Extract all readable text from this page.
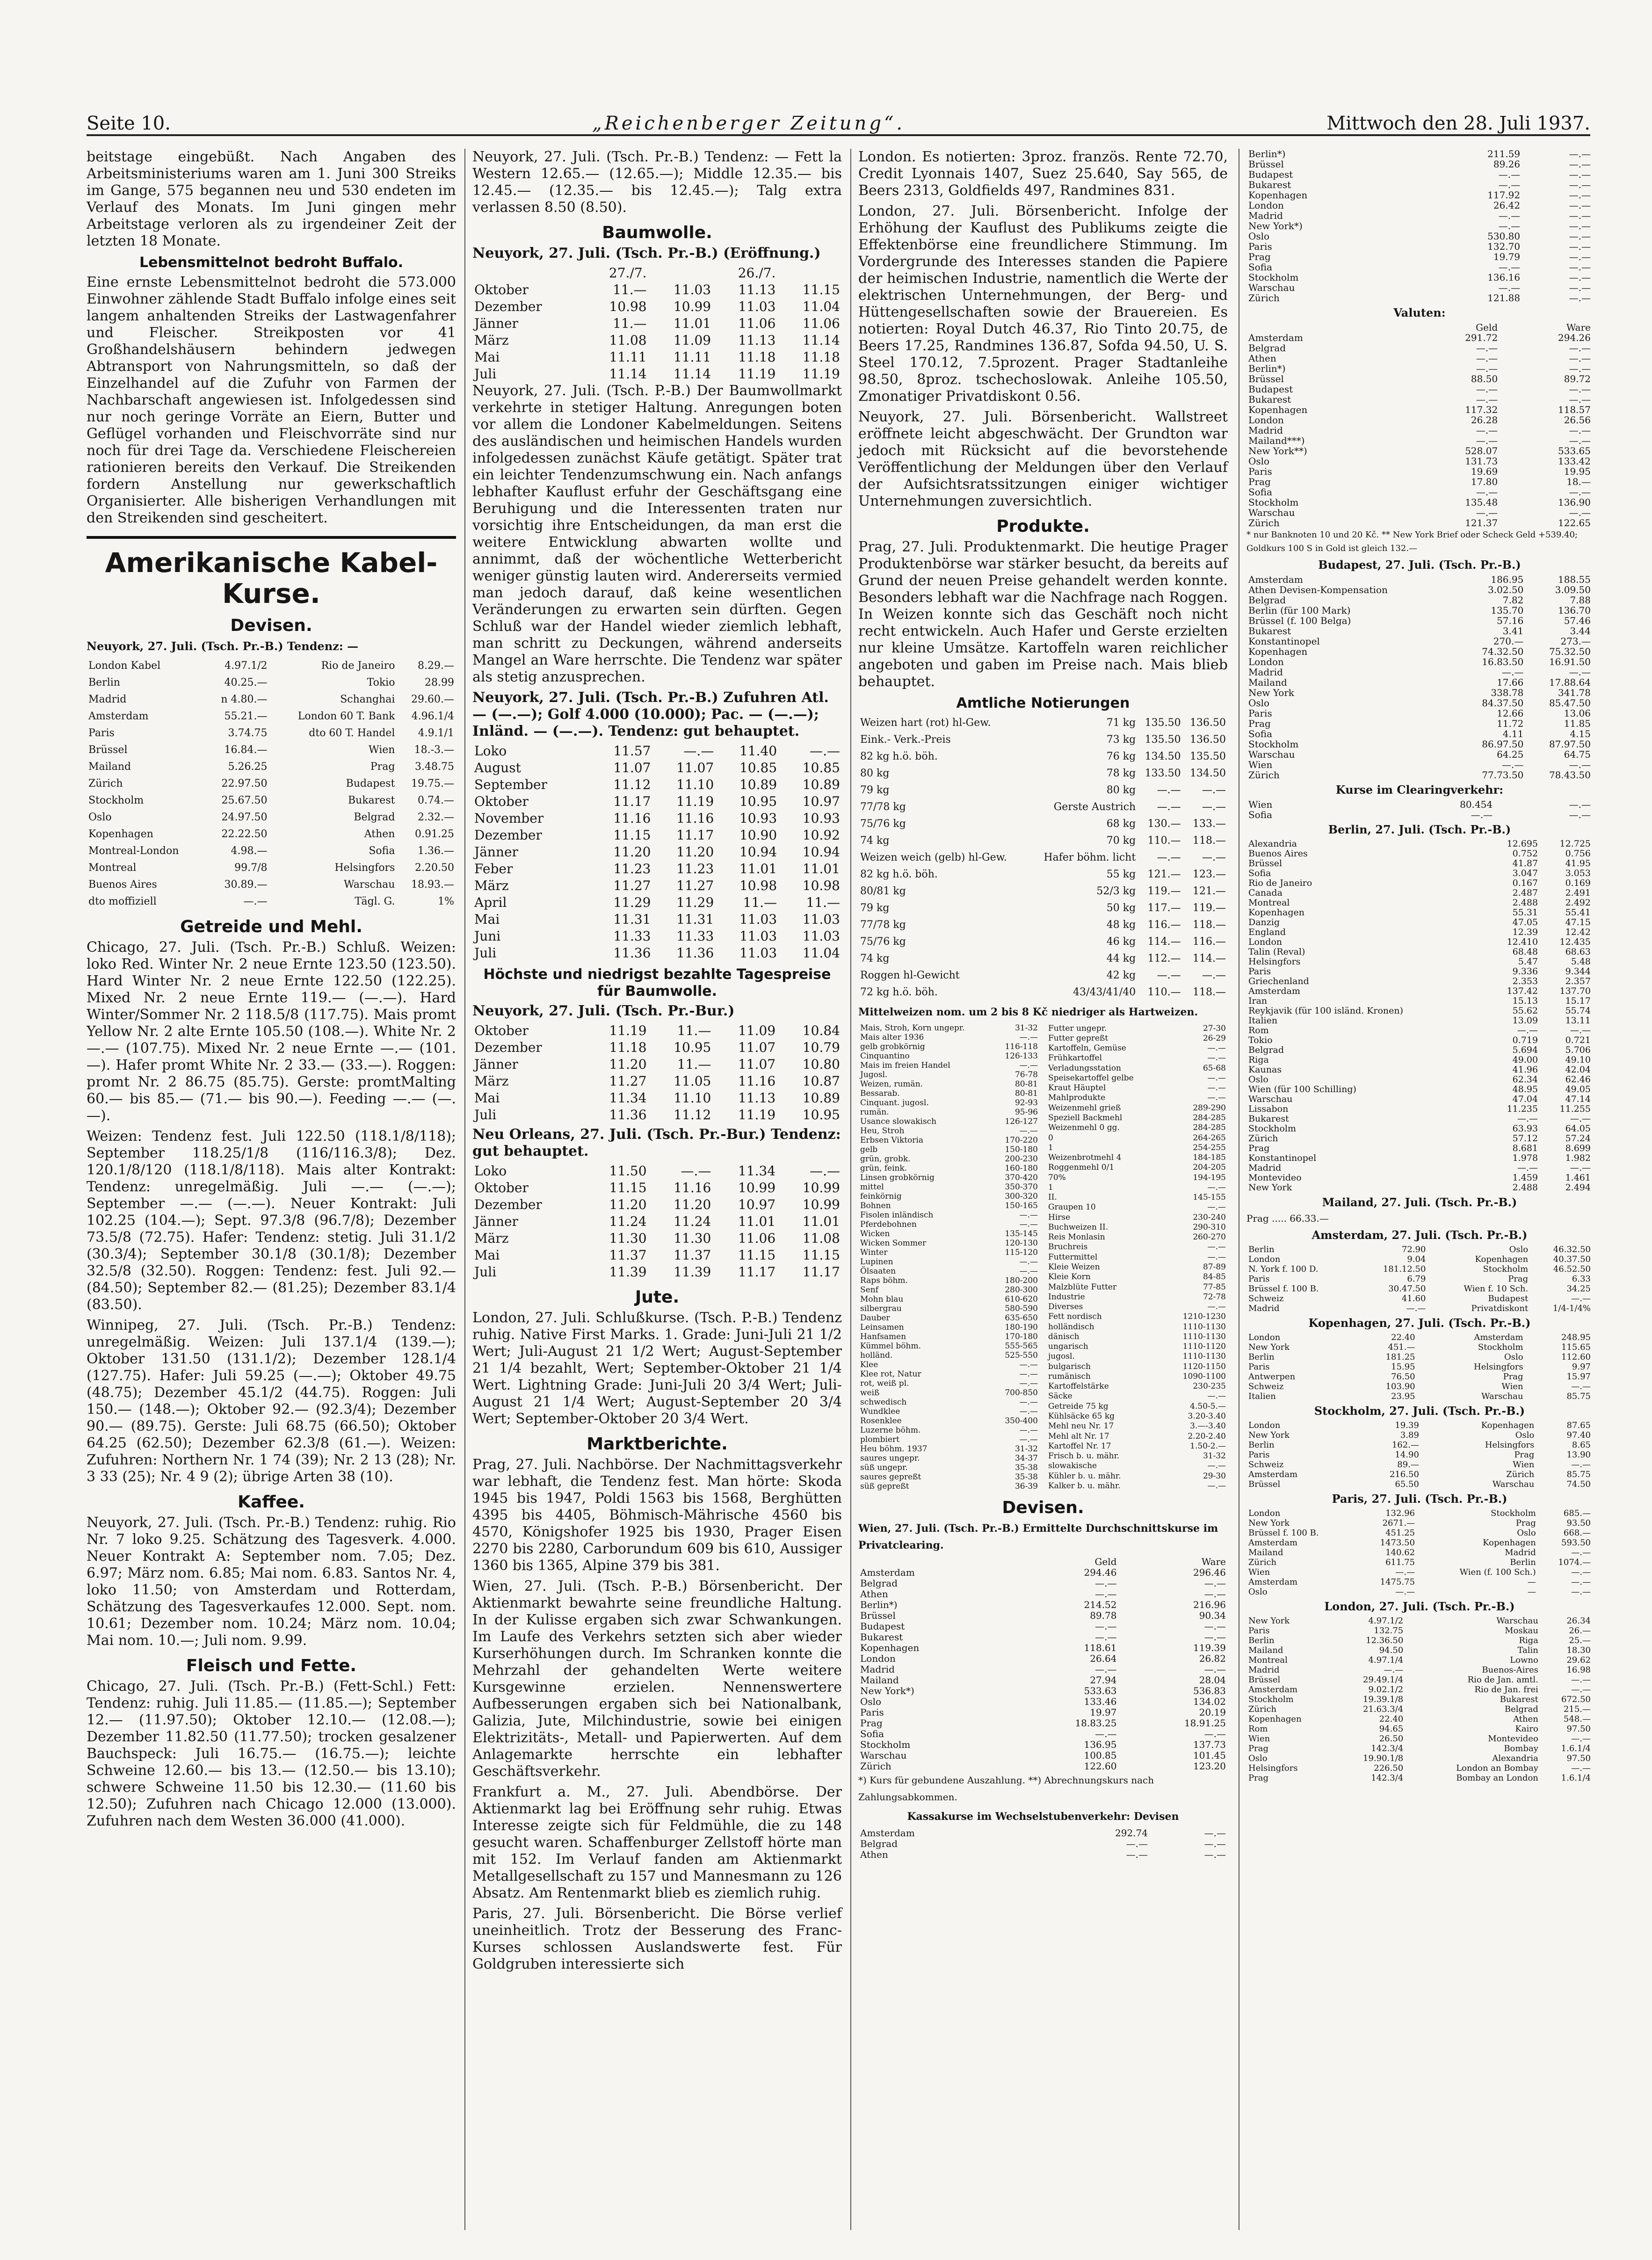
Seite 10.	„Reichenberger Zeitung“.	Mittwoch den 28. Juli 1937.

beitstage eingebüßt. Nach Angaben des Arbeitsministeriums waren am 1. Juni 300 Streiks im Gange, 575 begannen neu und 530 endeten im Verlauf des Monats. Im Juni gingen mehr Arbeitstage verloren als zu irgendeiner Zeit der letzten 18 Monate.

Lebensmittelnot bedroht Buffalo.

Eine ernste Lebensmittelnot bedroht die 573.000 Einwohner zählende Stadt Buffalo infolge eines seit langem anhaltenden Streiks der Lastwagenfahrer und Fleischer. Streikposten vor 41 Großhandelshäusern behindern jedwegen Abtransport von Nahrungsmitteln, so daß der Einzelhandel auf die Zufuhr von Farmen der Nachbarschaft angewiesen ist. Infolgedessen sind nur noch geringe Vorräte an Eiern, Butter und Geflügel vorhanden und Fleischvorräte sind nur noch für drei Tage da. Verschiedene Fleischereien rationieren bereits den Verkauf. Die Streikenden fordern Anstellung nur gewerkschaftlich Organisierter. Alle bisherigen Verhandlungen mit den Streikenden sind gescheitert.

Amerikanische Kabel-Kurse.
Devisen.
Neuyork, 27. Juli. (Tsch. Pr.-B.) Tendenz: —
London Kabel	4.97.1/2	Rio de Janeiro	8.29.—
Berlin	40.25.—	Tokio	28.99
Madrid	n 4.80.—	Schanghai	29.60.—
Amsterdam	55.21.—	London 60 T. Bank	4.96.1/4
Paris	3.74.75	dto 60 T. Handel	4.9.1/1
Brüssel	16.84.—	Wien	18.-3.—
Mailand	5.26.25	Prag	3.48.75
Zürich	22.97.50	Budapest	19.75.—
Stockholm	25.67.50	Bukarest	0.74.—
Oslo	24.97.50	Belgrad	2.32.—
Kopenhagen	22.22.50	Athen	0.91.25
Montreal-London	4.98.—	Sofia	1.36.—
Montreal	99.7/8	Helsingfors	2.20.50
Buenos Aires	30.89.—	Warschau	18.93.—
dto moffiziell	—.—	Tägl. G.	1%
Getreide und Mehl.

Chicago, 27. Juli. (Tsch. Pr.-B.) Schluß. Weizen: loko Red. Winter Nr. 2 neue Ernte 123.50 (123.50). Hard Winter Nr. 2 neue Ernte 122.50 (122.25). Mixed Nr. 2 neue Ernte 119.— (—.—). Hard Winter/Sommer Nr. 2 118.5/8 (117.75). Mais promt Yellow Nr. 2 alte Ernte 105.50 (108.—). White Nr. 2 —.— (107.75). Mixed Nr. 2 neue Ernte —.— (101.—). Hafer promt White Nr. 2 33.— (33.—). Roggen: promt Nr. 2 86.75 (85.75). Gerste: promtMalting 60.— bis 85.— (71.— bis 90.—). Feeding —.— (—.—).

Weizen: Tendenz fest. Juli 122.50 (118.1/8/118); September 118.25/1/8 (116/116.3/8); Dez. 120.1/8/120 (118.1/8/118). Mais alter Kontrakt: Tendenz: unregelmäßig. Juli —.— (—.—); September —.— (—.—). Neuer Kontrakt: Juli 102.25 (104.—); Sept. 97.3/8 (96.7/8); Dezember 73.5/8 (72.75). Hafer: Tendenz: stetig. Juli 31.1/2 (30.3/4); September 30.1/8 (30.1/8); Dezember 32.5/8 (32.50). Roggen: Tendenz: fest. Juli 92.— (84.50); September 82.— (81.25); Dezember 83.1/4 (83.50).

Winnipeg, 27. Juli. (Tsch. Pr.-B.) Tendenz: unregelmäßig. Weizen: Juli 137.1/4 (139.—); Oktober 131.50 (131.1/2); Dezember 128.1/4 (127.75). Hafer: Juli 59.25 (—.—); Oktober 49.75 (48.75); Dezember 45.1/2 (44.75). Roggen: Juli 150.— (148.—); Oktober 92.— (92.3/4); Dezember 90.— (89.75). Gerste: Juli 68.75 (66.50); Oktober 64.25 (62.50); Dezember 62.3/8 (61.—). Weizen: Zufuhren: Northern Nr. 1 74 (39); Nr. 2 13 (28); Nr. 3 33 (25); Nr. 4 9 (2); übrige Arten 38 (10).

Kaffee.

Neuyork, 27. Juli. (Tsch. Pr.-B.) Tendenz: ruhig. Rio Nr. 7 loko 9.25. Schätzung des Tagesverk. 4.000. Neuer Kontrakt A: September nom. 7.05; Dez. 6.97; März nom. 6.85; Mai nom. 6.83. Santos Nr. 4, loko 11.50; von Amsterdam und Rotterdam, Schätzung des Tagesverkaufes 12.000. Sept. nom. 10.61; Dezember nom. 10.24; März nom. 10.04; Mai nom. 10.—; Juli nom. 9.99.

Fleisch und Fette.

Chicago, 27. Juli. (Tsch. Pr.-B.) (Fett-Schl.) Fett: Tendenz: ruhig. Juli 11.85.— (11.85.—); September 12.— (11.97.50); Oktober 12.10.— (12.08.—); Dezember 11.82.50 (11.77.50); trocken gesalzener Bauchspeck: Juli 16.75.— (16.75.—); leichte Schweine 12.60.— bis 13.— (12.50.— bis 13.10); schwere Schweine 11.50 bis 12.30.— (11.60 bis 12.50); Zufuhren nach Chicago 12.000 (13.000). Zufuhren nach dem Westen 36.000 (41.000).

Neuyork, 27. Juli. (Tsch. Pr.-B.) Tendenz: — Fett la Western 12.65.— (12.65.—); Middle 12.35.— bis 12.45.— (12.35.— bis 12.45.—); Talg extra verlassen 8.50 (8.50).

Baumwolle.
Neuyork, 27. Juli. (Tsch. Pr.-B.) (Eröffnung.)
	27./7.		26./7.	
Oktober	11.—	11.03	11.13	11.15
Dezember	10.98	10.99	11.03	11.04
Jänner	11.—	11.01	11.06	11.06
März	11.08	11.09	11.13	11.14
Mai	11.11	11.11	11.18	11.18
Juli	11.14	11.14	11.19	11.19

Neuyork, 27. Juli. (Tsch. P.-B.) Der Baumwollmarkt verkehrte in stetiger Haltung. Anregungen boten vor allem die Londoner Kabelmeldungen. Seitens des ausländischen und heimischen Handels wurden infolgedessen zunächst Käufe getätigt. Später trat ein leichter Tendenzumschwung ein. Nach anfangs lebhafter Kauflust erfuhr der Geschäftsgang eine Beruhigung und die Interessenten traten nur vorsichtig ihre Entscheidungen, da man erst die weitere Entwicklung abwarten wollte und annimmt, daß der wöchentliche Wetterbericht weniger günstig lauten wird. Andererseits vermied man jedoch darauf, daß keine wesentlichen Veränderungen zu erwarten sein dürften. Gegen Schluß war der Handel wieder ziemlich lebhaft, man schritt zu Deckungen, während anderseits Mangel an Ware herrschte. Die Tendenz war später als stetig anzusprechen.

Neuyork, 27. Juli. (Tsch. Pr.-B.) Zufuhren Atl. — (—.—); Golf 4.000 (10.000); Pac. — (—.—); Inländ. — (—.—). Tendenz: gut behauptet.
Loko	11.57	—.—	11.40	—.—
August	11.07	11.07	10.85	10.85
September	11.12	11.10	10.89	10.89
Oktober	11.17	11.19	10.95	10.97
November	11.16	11.16	10.93	10.93
Dezember	11.15	11.17	10.90	10.92
Jänner	11.20	11.20	10.94	10.94
Feber	11.23	11.23	11.01	11.01
März	11.27	11.27	10.98	10.98
April	11.29	11.29	11.—	11.—
Mai	11.31	11.31	11.03	11.03
Juni	11.33	11.33	11.03	11.03
Juli	11.36	11.36	11.03	11.04
Höchste und niedrigst bezahlte Tagespreise für Baumwolle.
Neuyork, 27. Juli. (Tsch. Pr.-Bur.)
Oktober	11.19	11.—	11.09	10.84
Dezember	11.18	10.95	11.07	10.79
Jänner	11.20	11.—	11.07	10.80
März	11.27	11.05	11.16	10.87
Mai	11.34	11.10	11.13	10.89
Juli	11.36	11.12	11.19	10.95
Neu Orleans, 27. Juli. (Tsch. Pr.-Bur.) Tendenz: gut behauptet.
Loko	11.50	—.—	11.34	—.—
Oktober	11.15	11.16	10.99	10.99
Dezember	11.20	11.20	10.97	10.99
Jänner	11.24	11.24	11.01	11.01
März	11.30	11.30	11.06	11.08
Mai	11.37	11.37	11.15	11.15
Juli	11.39	11.39	11.17	11.17
Jute.

London, 27. Juli. Schlußkurse. (Tsch. P.-B.) Tendenz ruhig. Native First Marks. 1. Grade: Juni-Juli 21 1/2 Wert; Juli-August 21 1/2 Wert; August-September 21 1/4 bezahlt, Wert; September-Oktober 21 1/4 Wert. Lightning Grade: Juni-Juli 20 3/4 Wert; Juli-August 21 1/4 Wert; August-September 20 3/4 Wert; September-Oktober 20 3/4 Wert.

Marktberichte.

Prag, 27. Juli. Nachbörse. Der Nachmittagsverkehr war lebhaft, die Tendenz fest. Man hörte: Skoda 1945 bis 1947, Poldi 1563 bis 1568, Berghütten 4395 bis 4405, Böhmisch-Mährische 4560 bis 4570, Königshofer 1925 bis 1930, Prager Eisen 2270 bis 2280, Carborundum 609 bis 610, Aussiger 1360 bis 1365, Alpine 379 bis 381.

Wien, 27. Juli. (Tsch. P.-B.) Börsenbericht. Der Aktienmarkt bewahrte seine freundliche Haltung. In der Kulisse ergaben sich zwar Schwankungen. Im Laufe des Verkehrs setzten sich aber wieder Kurserhöhungen durch. Im Schranken konnte die Mehrzahl der gehandelten Werte weitere Kursgewinne erzielen. Nennenswertere Aufbesserungen ergaben sich bei Nationalbank, Galizia, Jute, Milchindustrie, sowie bei einigen Elektrizitäts-, Metall- und Papierwerten. Auf dem Anlagemarkte herrschte ein lebhafter Geschäftsverkehr.

Frankfurt a. M., 27. Juli. Abendbörse. Der Aktienmarkt lag bei Eröffnung sehr ruhig. Etwas Interesse zeigte sich für Feldmühle, die zu 148 gesucht waren. Schaffenburger Zellstoff hörte man mit 152. Im Verlauf fanden am Aktienmarkt Metallgesellschaft zu 157 und Mannesmann zu 126 Absatz. Am Rentenmarkt blieb es ziemlich ruhig.

Paris, 27. Juli. Börsenbericht. Die Börse verlief uneinheitlich. Trotz der Besserung des Franc-Kurses schlossen Auslandswerte fest. Für Goldgruben interessierte sich

London. Es notierten: 3proz. französ. Rente 72.70, Credit Lyonnais 1407, Suez 25.640, Say 565, de Beers 2313, Goldfields 497, Randmines 831.

London, 27. Juli. Börsenbericht. Infolge der Erhöhung der Kauflust des Publikums zeigte die Effektenbörse eine freundlichere Stimmung. Im Vordergrunde des Interesses standen die Papiere der heimischen Industrie, namentlich die Werte der elektrischen Unternehmungen, der Berg- und Hüttengesellschaften sowie der Brauereien. Es notierten: Royal Dutch 46.37, Rio Tinto 20.75, de Beers 17.25, Randmines 136.87, Sofda 94.50, U. S. Steel 170.12, 7.5prozent. Prager Stadtanleihe 98.50, 8proz. tschechoslowak. Anleihe 105.50, Zmonatiger Privatdiskont 0.56.

Neuyork, 27. Juli. Börsenbericht. Wallstreet eröffnete leicht abgeschwächt. Der Grundton war jedoch mit Rücksicht auf die bevorstehende Veröffentlichung der Meldungen über den Verlauf der Aufsichtsratssitzungen einiger wichtiger Unternehmungen zuversichtlich.

Produkte.

Prag, 27. Juli. Produktenmarkt. Die heutige Prager Produktenbörse war stärker besucht, da bereits auf Grund der neuen Preise gehandelt werden konnte. Besonders lebhaft war die Nachfrage nach Roggen. In Weizen konnte sich das Geschäft noch nicht recht entwickeln. Auch Hafer und Gerste erzielten nur kleine Umsätze. Kartoffeln waren reichlicher angeboten und gaben im Preise nach. Mais blieb behauptet.

Amtliche Notierungen
Weizen hart (rot) hl-Gew.	71 kg	135.50	136.50
Eink.- Verk.-Preis	73 kg	135.50	136.50
82 kg h.ö. böh.	76 kg	134.50	135.50
80 kg	78 kg	133.50	134.50
79 kg	80 kg	—.—	—.—
77/78 kg	Gerste Austrich	—.—	—.—
75/76 kg	68 kg	130.—	133.—
74 kg	70 kg	110.—	118.—
Weizen weich (gelb) hl-Gew.	Hafer böhm. licht	—.—	—.—
82 kg h.ö. böh.	55 kg	121.—	123.—
80/81 kg	52/3 kg	119.—	121.—
79 kg	50 kg	117.—	119.—
77/78 kg	48 kg	116.—	118.—
75/76 kg	46 kg	114.—	116.—
74 kg	44 kg	112.—	114.—
Roggen hl-Gewicht	42 kg	—.—	—.—
72 kg h.ö. böh.	43/43/41/40	110.—	118.—
Mittelweizen nom. um 2 bis 8 Kč niedriger als Hartweizen.
Mais, Stroh, Korn ungepr.	31-32
Mais alter 1936	—.—
gelb grobkörnig	116-118
Cinquantino	126-133
Mais im freien Handel	—.—
Jugosl.	76-78
Weizen, rumän.	80-81
Bessarab.	80-81
Cinquant. jugosl.	92-93
rumän.	95-96
Usance slowakisch	126-127
Heu, Stroh	—.—
Erbsen Viktoria	170-220
gelb	150-180
grün, grobk.	200-230
grün, feink.	160-180
Linsen grobkörnig	370-420
mittel	350-370
feinkörnig	300-320
Bohnen	150-165
Fisolen inländisch	—.—
Pferdebohnen	—.—
Wicken	135-145
Wicken Sommer	120-130
Winter	115-120
Lupinen	—.—
Ölsaaten	—.—
Raps böhm.	180-200
Senf	280-300
Mohn blau	610-620
silbergrau	580-590
Dauber	635-650
Leinsamen	180-190
Hanfsamen	170-180
Kümmel böhm.	555-565
holländ.	525-550
Klee	—.—
Klee rot, Natur	—.—
rot, weiß pl.	—.—
weiß	700-850
schwedisch	—.—
Wundklee	—.—
Rosenklee	350-400
Luzerne böhm.	—.—
plombiert	—.—
Heu böhm. 1937	31-32
saures ungepr.	34-37
süß ungepr.	35-38
saures gepreßt	35-38
süß gepreßt	36-39
Futter ungepr.	27-30
Futter gepreßt	26-29
Kartoffeln, Gemüse	—.—
Frühkartoffel	—.—
Verladungsstation	65-68
Speisekartoffel gelbe	—.—
Kraut Häuptel	—.—
Mahlprodukte	—.—
Weizenmehl grieß	289-290
Speziell Backmehl	284-285
Weizenmehl 0 gg.	284-285
0	264-265
1	254-255
Weizenbrotmehl 4	184-185
Roggenmehl 0/1	204-205
70%	194-195
1	—.—
II.	145-155
Graupen 10	—.—
Hirse	230-240
Buchweizen II.	290-310
Reis Monlasin	260-270
Bruchreis	—.—
Futtermittel	—.—
Kleie Weizen	87-89
Kleie Korn	84-85
Malzblüte Futter	77-85
Industrie	72-78
Diverses	—.—
Fett nordisch	1210-1230
holländisch	1110-1130
dänisch	1110-1130
ungarisch	1110-1120
jugosl.	1110-1130
bulgarisch	1120-1150
rumänisch	1090-1100
Kartoffelstärke	230-235
Säcke	—.—
Getreide 75 kg	4.50-5.—
Kühlsäcke 65 kg	3.20-3.40
Mehl neu Nr. 17	3.—-3.40
Mehl alt Nr. 17	2.20-2.40
Kartoffel Nr. 17	1.50-2.—
Frisch b. u. mähr.	31-32
slowakische	—.—
Kühler b. u. mähr.	29-30
Kalker b. u. mähr.	—.—
Devisen.
Wien, 27. Juli. (Tsch. Pr.-B.) Ermittelte Durchschnittskurse im Privatclearing.
	Geld	Ware
Amsterdam	294.46	296.46
Belgrad	—.—	—.—
Athen	—.—	—.—
Berlin*)	214.52	216.96
Brüssel	89.78	90.34
Budapest	—.—	—.—
Bukarest	—.—	—.—
Kopenhagen	118.61	119.39
London	26.64	26.82
Madrid	—.—	—.—
Mailand	27.94	28.04
New York*)	533.63	536.83
Oslo	133.46	134.02
Paris	19.97	20.19
Prag	18.83.25	18.91.25
Sofia	—.—	—.—
Stockholm	136.95	137.73
Warschau	100.85	101.45
Zürich	122.60	123.20
*) Kurs für gebundene Auszahlung. **) Abrechnungskurs nach Zahlungsabkommen.
Kassakurse im Wechselstubenverkehr: Devisen
Amsterdam	292.74	—.—
Belgrad	—.—	—.—
Athen	—.—	—.—
Berlin*)	211.59	—.—
Brüssel	89.26	—.—
Budapest	—.—	—.—
Bukarest	—.—	—.—
Kopenhagen	117.92	—.—
London	26.42	—.—
Madrid	—.—	—.—
New York*)	—.—	—.—
Oslo	530.80	—.—
Paris	132.70	—.—
Prag	19.79	—.—
Sofia	—.—	—.—
Stockholm	136.16	—.—
Warschau	—.—	—.—
Zürich	121.88	—.—
Valuten:
	Geld	Ware
Amsterdam	291.72	294.26
Belgrad	—.—	—.—
Athen	—.—	—.—
Berlin*)	—.—	—.—
Brüssel	88.50	89.72
Budapest	—.—	—.—
Bukarest	—.—	—.—
Kopenhagen	117.32	118.57
London	26.28	26.56
Madrid	—.—	—.—
Mailand***)	—.—	—.—
New York**)	528.07	533.65
Oslo	131.73	133.42
Paris	19.69	19.95
Prag	17.80	18.—
Sofia	—.—	—.—
Stockholm	135.48	136.90
Warschau	—.—	—.—
Zürich	121.37	122.65
* nur Banknoten 10 und 20 Kč. ** New York Brief oder Scheck Geld +539.40; Goldkurs 100 S in Gold ist gleich 132.—
Budapest, 27. Juli. (Tsch. Pr.-B.)
Amsterdam	186.95	188.55
Athen Devisen-Kompensation	3.02.50	3.09.50
Belgrad	7.82	7.88
Berlin (für 100 Mark)	135.70	136.70
Brüssel (f. 100 Belga)	57.16	57.46
Bukarest	3.41	3.44
Konstantinopel	270.—	273.—
Kopenhagen	74.32.50	75.32.50
London	16.83.50	16.91.50
Madrid	—.—	—.—
Mailand	17.66	17.88.64
New York	338.78	341.78
Oslo	84.37.50	85.47.50
Paris	12.66	13.06
Prag	11.72	11.85
Sofia	4.11	4.15
Stockholm	86.97.50	87.97.50
Warschau	64.25	64.75
Wien	—.—	—.—
Zürich	77.73.50	78.43.50
Kurse im Clearingverkehr:
Wien	80.454	—.—
Sofia	—.—	—.—
Berlin, 27. Juli. (Tsch. Pr.-B.)
Alexandria	12.695	12.725
Buenos Aires	0.752	0.756
Brüssel	41.87	41.95
Sofia	3.047	3.053
Rio de Janeiro	0.167	0.169
Canada	2.487	2.491
Montreal	2.488	2.492
Kopenhagen	55.31	55.41
Danzig	47.05	47.15
England	12.39	12.42
London	12.410	12.435
Talin (Reval)	68.48	68.63
Helsingfors	5.47	5.48
Paris	9.336	9.344
Griechenland	2.353	2.357
Amsterdam	137.42	137.70
Iran	15.13	15.17
Reykjavik (für 100 isländ. Kronen)	55.62	55.74
Italien	13.09	13.11
Rom	—.—	—.—
Tokio	0.719	0.721
Belgrad	5.694	5.706
Riga	49.00	49.10
Kaunas	41.96	42.04
Oslo	62.34	62.46
Wien (für 100 Schilling)	48.95	49.05
Warschau	47.04	47.14
Lissabon	11.235	11.255
Bukarest	—.—	—.—
Stockholm	63.93	64.05
Zürich	57.12	57.24
Prag	8.681	8.699
Konstantinopel	1.978	1.982
Madrid	—.—	—.—
Montevideo	1.459	1.461
New York	2.488	2.494
Mailand, 27. Juli. (Tsch. Pr.-B.)
Prag ..... 66.33.—
Amsterdam, 27. Juli. (Tsch. Pr.-B.)
Berlin	72.90	Oslo	46.32.50
London	9.04	Kopenhagen	40.37.50
N. York f. 100 D.	181.12.50	Stockholm	46.52.50
Paris	6.79	Prag	6.33
Brüssel f. 100 B.	30.47.50	Wien f. 10 Sch.	34.25
Schweiz	41.60	Budapest	—.—
Madrid	—.—	Privatdiskont	1/4-1/4%
Kopenhagen, 27. Juli. (Tsch. Pr.-B.)
London	22.40	Amsterdam	248.95
New York	451.—	Stockholm	115.65
Berlin	181.25	Oslo	112.60
Paris	15.95	Helsingfors	9.97
Antwerpen	76.50	Prag	15.97
Schweiz	103.90	Wien	—.—
Italien	23.95	Warschau	85.75
Stockholm, 27. Juli. (Tsch. Pr.-B.)
London	19.39	Kopenhagen	87.65
New York	3.89	Oslo	97.40
Berlin	162.—	Helsingfors	8.65
Paris	14.90	Prag	13.90
Schweiz	89.—	Wien	—.—
Amsterdam	216.50	Zürich	85.75
Brüssel	65.50	Warschau	74.50
Paris, 27. Juli. (Tsch. Pr.-B.)
London	132.96	Stockholm	685.—
New York	2671.—	Prag	93.50
Brüssel f. 100 B.	451.25	Oslo	668.—
Amsterdam	1473.50	Kopenhagen	593.50
Mailand	140.62	Madrid	—.—
Zürich	611.75	Berlin	1074.—
Wien	—.—	Wien (f. 100 Sch.)	—.—
Amsterdam	1475.75	—	—.—
Oslo	—.—	—	—.—
London, 27. Juli. (Tsch. Pr.-B.)
New York	4.97.1/2	Warschau	26.34
Paris	132.75	Moskau	26.—
Berlin	12.36.50	Riga	25.—
Mailand	94.50	Talin	18.30
Montreal	4.97.1/4	Lowno	29.62
Madrid	—.—	Buenos-Aires	16.98
Brüssel	29.49.1/4	Rio de Jan. amtl.	—.—
Amsterdam	9.02.1/2	Rio de Jan. frei	—.—
Stockholm	19.39.1/8	Bukarest	672.50
Zürich	21.63.3/4	Belgrad	215.—
Kopenhagen	22.40	Athen	548.—
Rom	94.65	Kairo	97.50
Wien	26.50	Montevideo	—.—
Prag	142.3/4	Bombay	1.6.1/4
Oslo	19.90.1/8	Alexandria	97.50
Helsingfors	226.50	London an Bombay	—.—
Prag	142.3/4	Bombay an London	1.6.1/4
